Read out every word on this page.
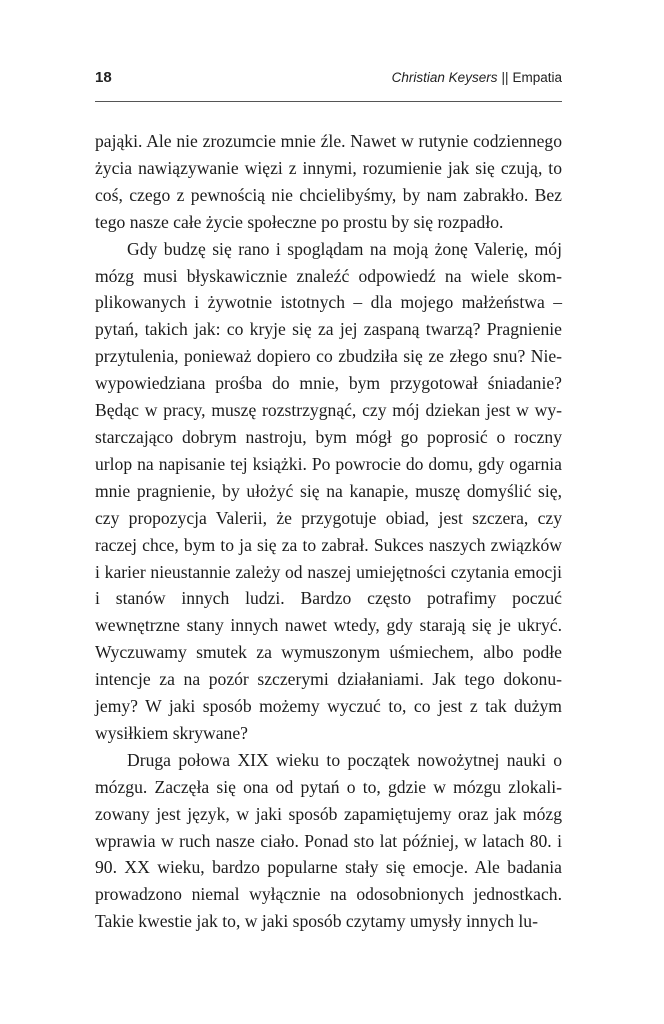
18	Christian Keysers || Empatia

pająki. Ale nie zrozumcie mnie źle. Nawet w rutynie codziennego życia nawiązywanie więzi z innymi, rozumienie jak się czują, to coś, czego z pewnością nie chcielibyśmy, by nam zabrakło. Bez tego nasze całe życie społeczne po prostu by się rozpadło.

Gdy budzę się rano i spoglądam na moją żonę Valerię, mój mózg musi błyskawicznie znaleźć odpowiedź na wiele skomplikowanych i żywotnie istotnych – dla mojego małżeństwa – pytań, takich jak: co kryje się za jej zaspaną twarzą? Pragnienie przytulenia, ponieważ dopiero co zbudziła się ze złego snu? Niewypowiedziana prośba do mnie, bym przygotował śniadanie? Będąc w pracy, muszę rozstrzygnąć, czy mój dziekan jest w wystarczająco dobrym nastroju, bym mógł go poprosić o roczny urlop na napisanie tej książki. Po powrocie do domu, gdy ogarnia mnie pragnienie, by ułożyć się na kanapie, muszę domyślić się, czy propozycja Valerii, że przygotuje obiad, jest szczera, czy raczej chce, bym to ja się za to zabrał. Sukces naszych związków i karier nieustannie zależy od naszej umiejętności czytania emocji i stanów innych ludzi. Bardzo często potrafimy poczuć wewnętrzne stany innych nawet wtedy, gdy starają się je ukryć. Wyczuwamy smutek za wymuszonym uśmiechem, albo podłe intencje za na pozór szczerymi działaniami. Jak tego dokonujemy? W jaki sposób możemy wyczuć to, co jest z tak dużym wysiłkiem skrywane?

Druga połowa XIX wieku to początek nowożytnej nauki o mózgu. Zaczęła się ona od pytań o to, gdzie w mózgu zlokalizowany jest język, w jaki sposób zapamiętujemy oraz jak mózg wprawia w ruch nasze ciało. Ponad sto lat później, w latach 80. i 90. XX wieku, bardzo popularne stały się emocje. Ale badania prowadzono niemal wyłącznie na odosobnionych jednostkach. Takie kwestie jak to, w jaki sposób czytamy umysły innych lu-
